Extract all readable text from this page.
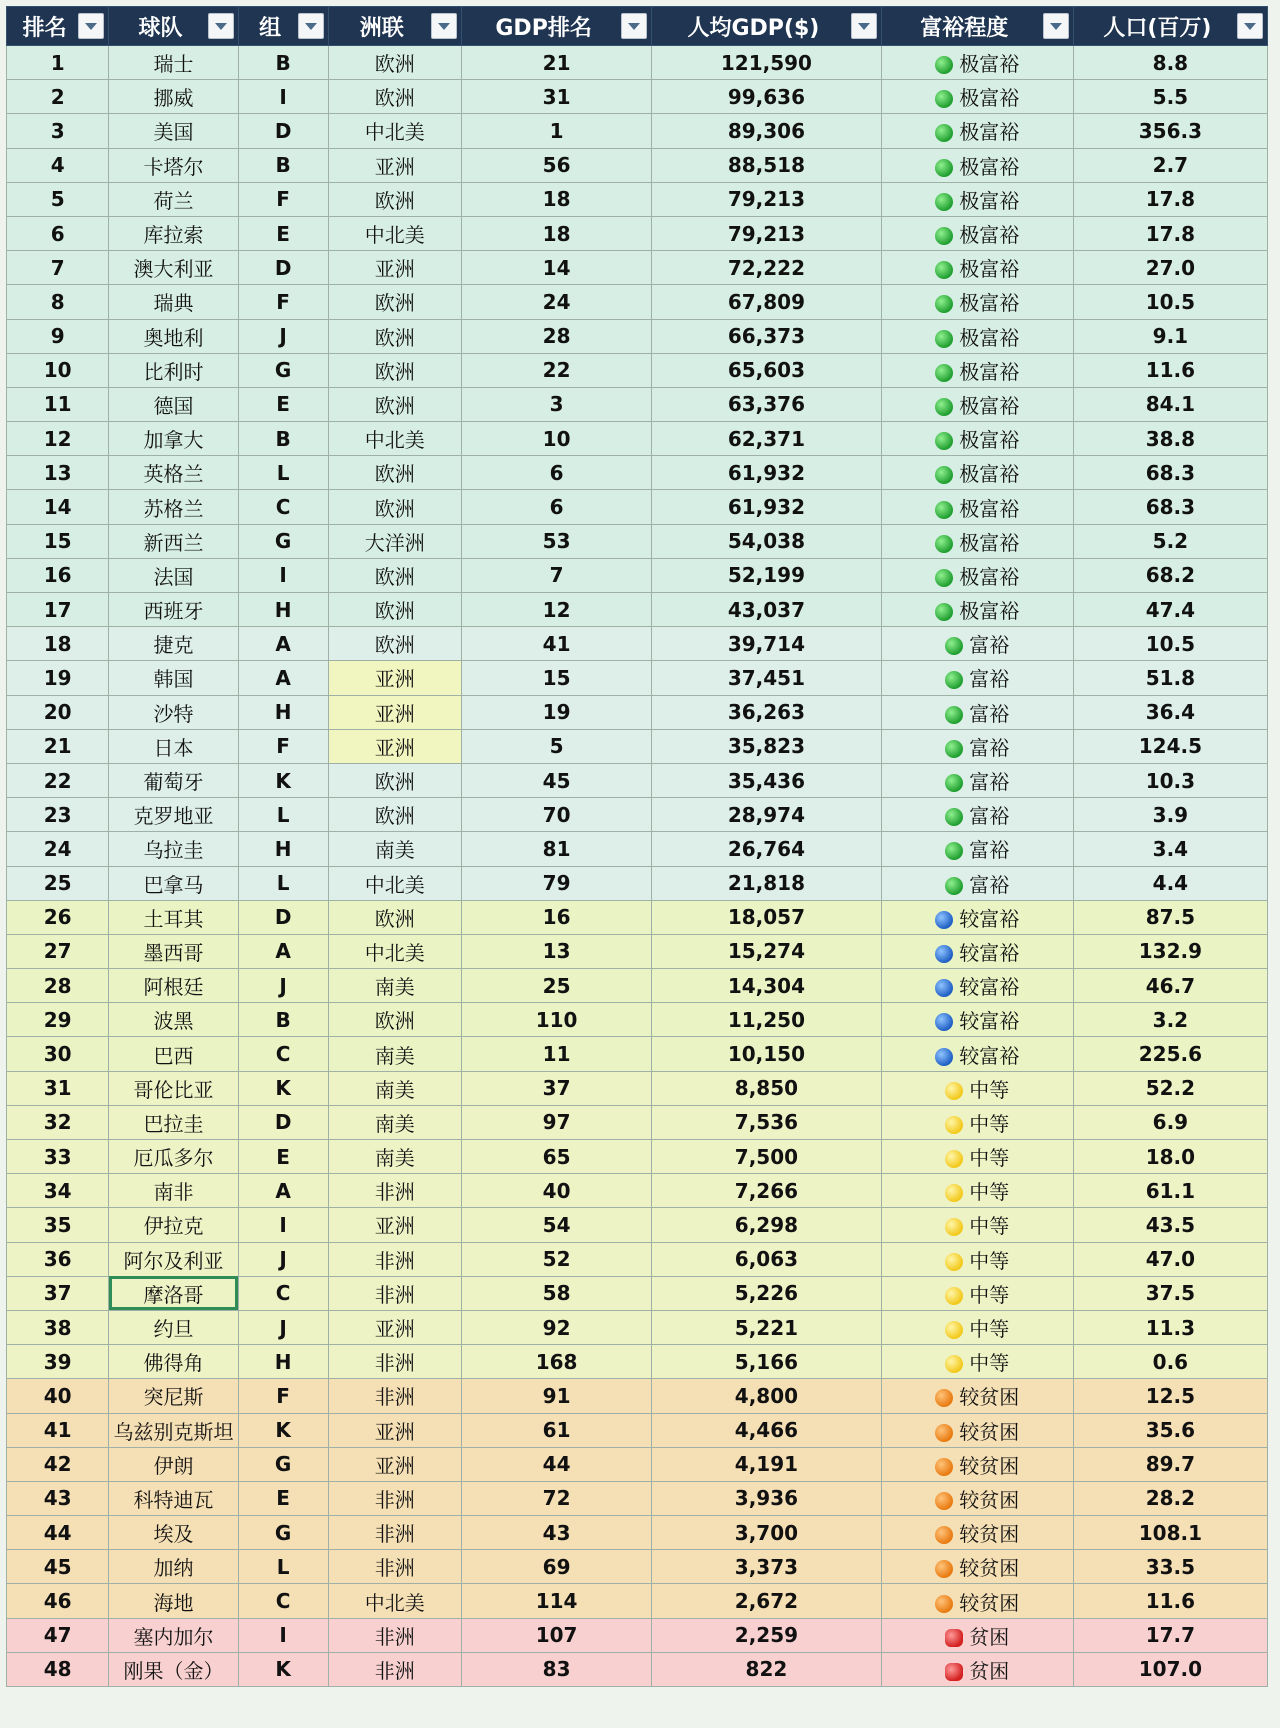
排名	球队	组	洲联	GDP排名	人均GDP($)	富裕程度	人口(百万)

1	瑞士	B	欧洲	21	121,590	极富裕	8.8
2	挪威	I	欧洲	31	99,636	极富裕	5.5
3	美国	D	中北美	1	89,306	极富裕	356.3
4	卡塔尔	B	亚洲	56	88,518	极富裕	2.7
5	荷兰	F	欧洲	18	79,213	极富裕	17.8
6	库拉索	E	中北美	18	79,213	极富裕	17.8
7	澳大利亚	D	亚洲	14	72,222	极富裕	27.0
8	瑞典	F	欧洲	24	67,809	极富裕	10.5
9	奥地利	J	欧洲	28	66,373	极富裕	9.1
10	比利时	G	欧洲	22	65,603	极富裕	11.6
11	德国	E	欧洲	3	63,376	极富裕	84.1
12	加拿大	B	中北美	10	62,371	极富裕	38.8
13	英格兰	L	欧洲	6	61,932	极富裕	68.3
14	苏格兰	C	欧洲	6	61,932	极富裕	68.3
15	新西兰	G	大洋洲	53	54,038	极富裕	5.2
16	法国	I	欧洲	7	52,199	极富裕	68.2
17	西班牙	H	欧洲	12	43,037	极富裕	47.4
18	捷克	A	欧洲	41	39,714	富裕	10.5
19	韩国	A	亚洲	15	37,451	富裕	51.8
20	沙特	H	亚洲	19	36,263	富裕	36.4
21	日本	F	亚洲	5	35,823	富裕	124.5
22	葡萄牙	K	欧洲	45	35,436	富裕	10.3
23	克罗地亚	L	欧洲	70	28,974	富裕	3.9
24	乌拉圭	H	南美	81	26,764	富裕	3.4
25	巴拿马	L	中北美	79	21,818	富裕	4.4
26	土耳其	D	欧洲	16	18,057	较富裕	87.5
27	墨西哥	A	中北美	13	15,274	较富裕	132.9
28	阿根廷	J	南美	25	14,304	较富裕	46.7
29	波黑	B	欧洲	110	11,250	较富裕	3.2
30	巴西	C	南美	11	10,150	较富裕	225.6
31	哥伦比亚	K	南美	37	8,850	中等	52.2
32	巴拉圭	D	南美	97	7,536	中等	6.9
33	厄瓜多尔	E	南美	65	7,500	中等	18.0
34	南非	A	非洲	40	7,266	中等	61.1
35	伊拉克	I	亚洲	54	6,298	中等	43.5
36	阿尔及利亚	J	非洲	52	6,063	中等	47.0
37	摩洛哥	C	非洲	58	5,226	中等	37.5
38	约旦	J	亚洲	92	5,221	中等	11.3
39	佛得角	H	非洲	168	5,166	中等	0.6
40	突尼斯	F	非洲	91	4,800	较贫困	12.5
41	乌兹别克斯坦	K	亚洲	61	4,466	较贫困	35.6
42	伊朗	G	亚洲	44	4,191	较贫困	89.7
43	科特迪瓦	E	非洲	72	3,936	较贫困	28.2
44	埃及	G	非洲	43	3,700	较贫困	108.1
45	加纳	L	非洲	69	3,373	较贫困	33.5
46	海地	C	中北美	114	2,672	较贫困	11.6
47	塞内加尔	I	非洲	107	2,259	贫困	17.7
48	刚果（金）	K	非洲	83	822	贫困	107.0
